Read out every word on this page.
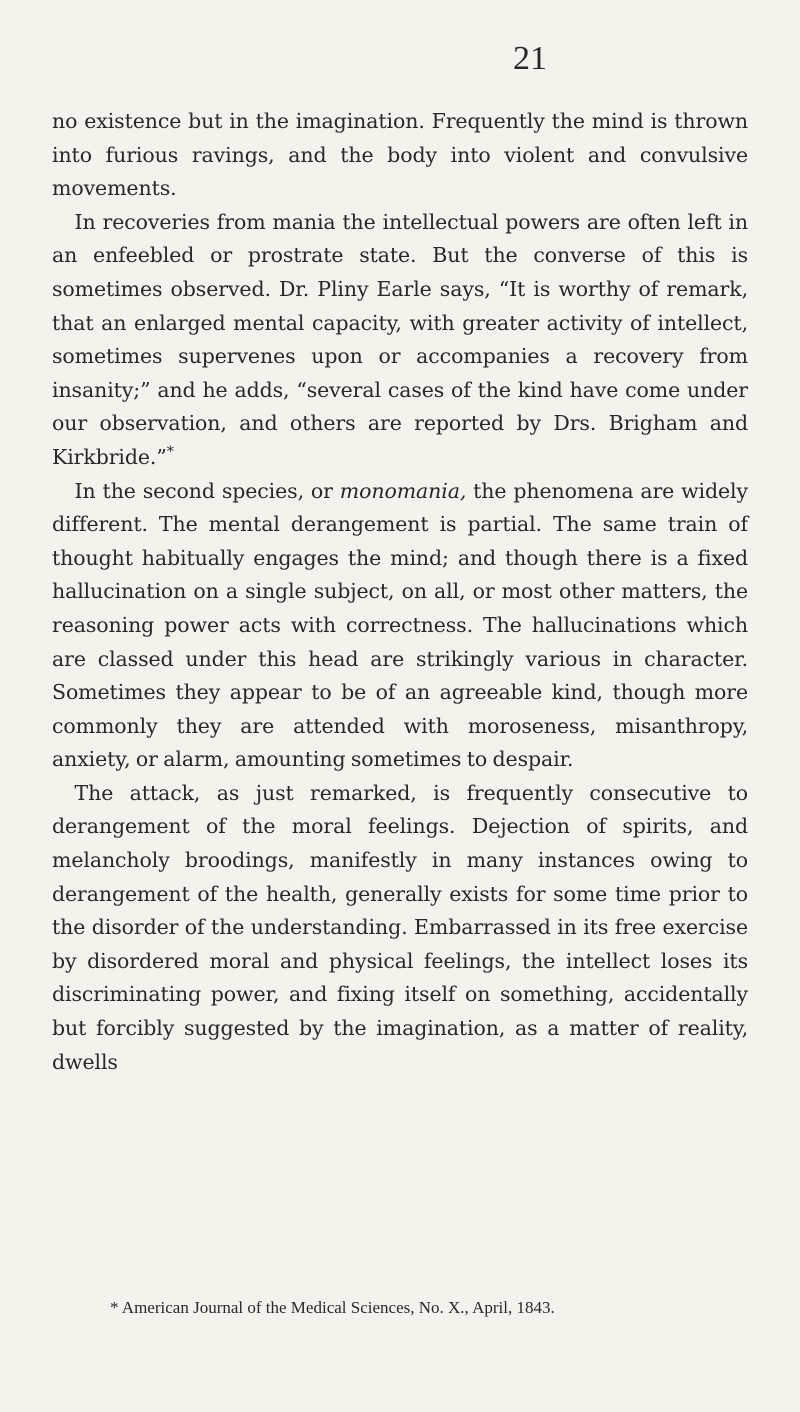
21

no existence but in the imagination. Frequently the mind is thrown into furious ravings, and the body into violent and convulsive movements.

In recoveries from mania the intellectual powers are often left in an enfeebled or prostrate state. But the converse of this is sometimes observed. Dr. Pliny Earle says, “It is worthy of remark, that an enlarged mental capacity, with greater activity of intellect, sometimes supervenes upon or accompanies a recovery from insanity;” and he adds, “several cases of the kind have come under our observation, and others are reported by Drs. Brigham and Kirkbride.”*

In the second species, or monomania, the phenomena are widely different. The mental derangement is partial. The same train of thought habitually engages the mind; and though there is a fixed hallucination on a single subject, on all, or most other matters, the reasoning power acts with correctness. The hallucinations which are classed under this head are strikingly various in character. Sometimes they appear to be of an agreeable kind, though more commonly they are attended with moroseness, misanthropy, anxiety, or alarm, amounting sometimes to despair.

The attack, as just remarked, is frequently consecutive to derangement of the moral feelings. Dejection of spirits, and melancholy broodings, manifestly in many instances owing to derangement of the health, generally exists for some time prior to the disorder of the understanding. Embarrassed in its free exercise by disordered moral and physical feelings, the intellect loses its discriminating power, and fixing itself on something, accidentally but forcibly suggested by the imagination, as a matter of reality, dwells

* American Journal of the Medical Sciences, No. X., April, 1843.
